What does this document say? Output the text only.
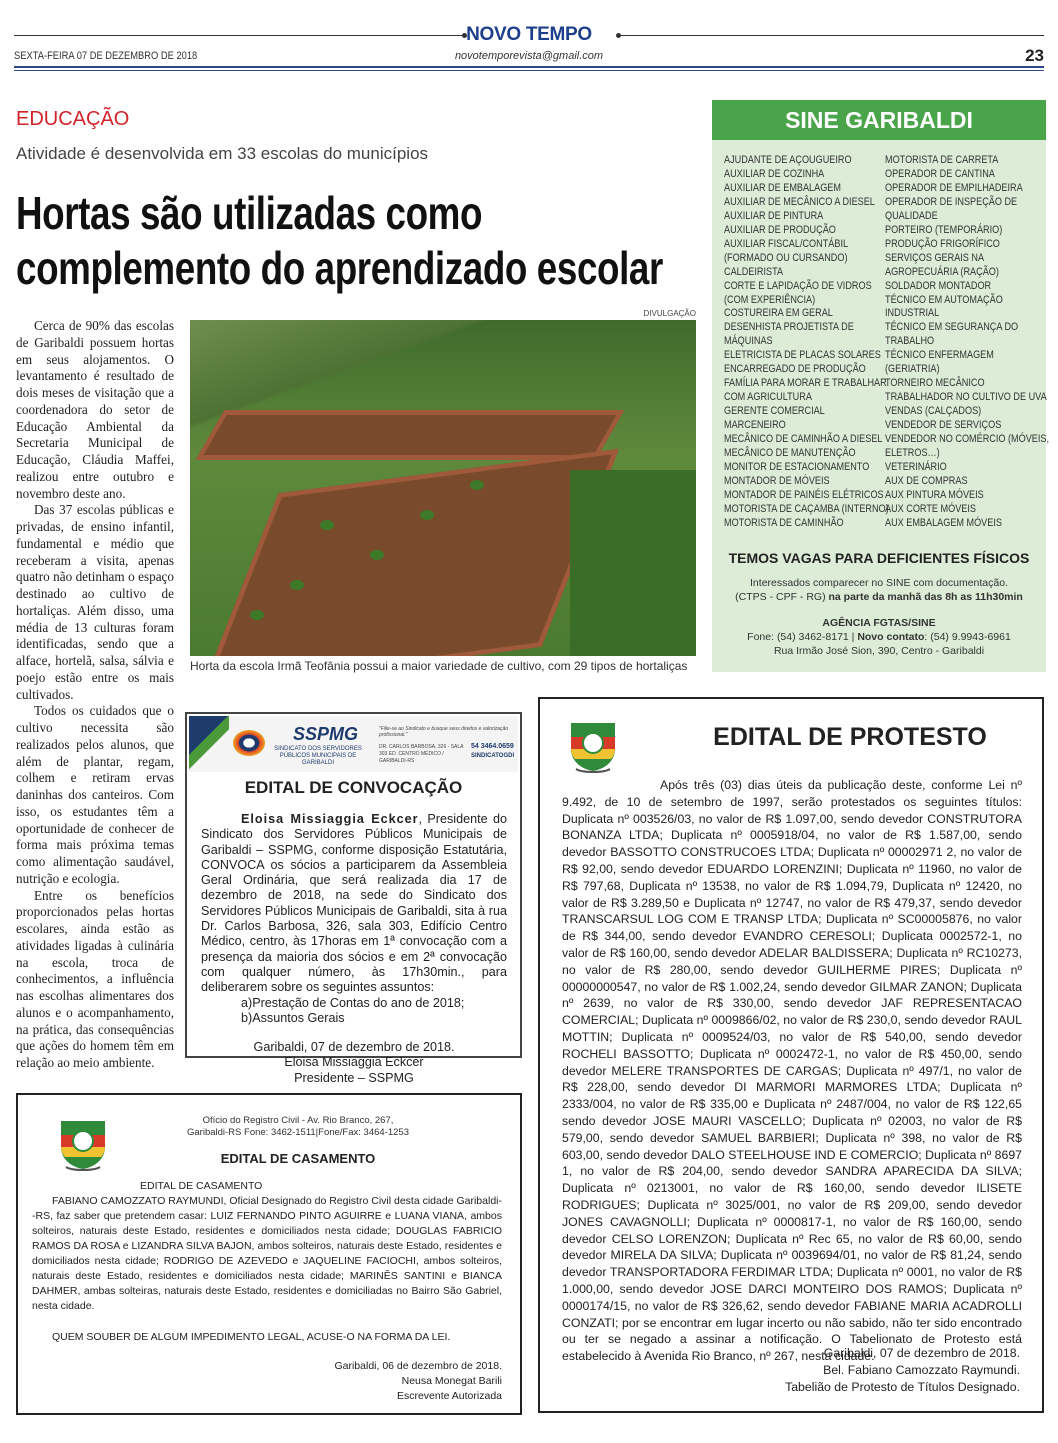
NOVO TEMPO
SEXTA-FEIRA 07 DE DEZEMBRO DE 2018	novotemporevista@gmail.com	23
EDUCAÇÃO
Atividade é desenvolvida em 33 escolas do municípios
Hortas são utilizadas como
complemento do aprendizado escolar

Cerca de 90% das escolas de Garibaldi possuem hortas em seus alojamentos. O levantamento é resultado de dois meses de visitação que a coordenadora do setor de Educação Ambiental da Secretaria Municipal de Educação, Cláudia Maffei, realizou entre outubro e novembro deste ano.

Das 37 escolas públicas e privadas, de ensino infantil, fundamental e médio que receberam a visita, apenas quatro não detinham o espaço destinado ao cultivo de hortaliças. Além disso, uma média de 13 culturas foram identificadas, sendo que a alface, hortelã, salsa, sálvia e poejo estão entre os mais cultivados.

Todos os cuidados que o cultivo necessita são realizados pelos alunos, que além de plantar, regam, colhem e retiram ervas daninhas dos canteiros. Com isso, os estudantes têm a oportunidade de conhecer de forma mais próxima temas como alimentação saudável, nutrição e ecologia.

Entre os benefícios proporcionados pelas hortas escolares, ainda estão as atividades ligadas à culinária na escola, troca de conhecimentos, a influência nas escolhas alimentares dos alunos e o acompanhamento, na prática, das consequências que ações do homem têm em relação ao meio ambiente.

DIVULGAÇÃO
Horta da escola Irmã Teofânia possui a maior variedade de cultivo, com 29 tipos de hortaliças
SINE GARIBALDI
AJUDANTE DE AÇOUGUEIRO
AUXILIAR DE COZINHA
AUXILIAR DE EMBALAGEM
AUXILIAR DE MECÂNICO A DIESEL
AUXILIAR DE PINTURA
AUXILIAR DE PRODUÇÃO
AUXILIAR FISCAL/CONTÁBIL
(FORMADO OU CURSANDO)
CALDEIRISTA
CORTE E LAPIDAÇÃO DE VIDROS
(COM EXPERIÊNCIA)
COSTUREIRA EM GERAL
DESENHISTA PROJETISTA DE
MÁQUINAS
ELETRICISTA DE PLACAS SOLARES
ENCARREGADO DE PRODUÇÃO
FAMÍLIA PARA MORAR E TRABALHAR
COM AGRICULTURA
GERENTE COMERCIAL
MARCENEIRO
MECÂNICO DE CAMINHÃO A DIESEL
MECÂNICO DE MANUTENÇÃO
MONITOR DE ESTACIONAMENTO
MONTADOR DE MÓVEIS
MONTADOR DE PAINÉIS ELÉTRICOS
MOTORISTA DE CAÇAMBA (INTERNO)
MOTORISTA DE CAMINHÃO
MOTORISTA DE CARRETA
OPERADOR DE CANTINA
OPERADOR DE EMPILHADEIRA
OPERADOR DE INSPEÇÃO DE
QUALIDADE
PORTEIRO (TEMPORÁRIO)
PRODUÇÃO FRIGORÍFICO
SERVIÇOS GERAIS NA
AGROPECUÁRIA (RAÇÃO)
SOLDADOR MONTADOR
TÉCNICO EM AUTOMAÇÃO
INDUSTRIAL
TÉCNICO EM SEGURANÇA DO
TRABALHO
TÉCNICO ENFERMAGEM
(GERIATRIA)
TORNEIRO MECÂNICO
TRABALHADOR NO CULTIVO DE UVA
VENDAS (CALÇADOS)
VENDEDOR DE SERVIÇOS
VENDEDOR NO COMÉRCIO (MÓVEIS,
ELETROS…)
VETERINÁRIO
AUX DE COMPRAS
AUX PINTURA MÓVEIS
AUX CORTE MÓVEIS
AUX EMBALAGEM MÓVEIS
TEMOS VAGAS PARA DEFICIENTES FÍSICOS
Interessados comparecer no SINE com documentação.
(CTPS - CPF - RG) na parte da manhã das 8h as 11h30min
AGÊNCIA FGTAS/SINE
Fone: (54) 3462-8171 | Novo contato: (54) 9.9943-6961
Rua Irmão José Sion, 390, Centro - Garibaldi
SSPMG
SINDICATO DOS SERVIDORES PÚBLICOS MUNICIPAIS DE GARIBALDI
"Filie-se ao Sindicato e busque seus direitos e valorização profissional."
DR. CARLOS BARBOSA, 326 - SALA 303 ED. CENTRO MÉDICO / GARIBALDI-RS
54 3464.0659
SINDICATOGDI
EDITAL DE CONVOCAÇÃO
Eloisa Missiaggia Eckcer, Presidente do Sindicato dos Servidores Públicos Municipais de Garibaldi – SSPMG, conforme disposição Estatutária, CONVOCA os sócios a participarem da Assembleia Geral Ordinária, que será realizada dia 17 de dezembro de 2018, na sede do Sindicato dos Servidores Públicos Municipais de Garibaldi, sita à rua Dr. Carlos Barbosa, 326, sala 303, Edifício Centro Médico, centro, às 17horas em 1ª convocação com a presença da maioria dos sócios e em 2ª convocação com qualquer número, às 17h30min., para deliberarem sobre os seguintes assuntos:
a)Prestação de Contas do ano de 2018;
b)Assuntos Gerais
Garibaldi, 07 de dezembro de 2018.
Eloisa Missiaggia Eckcer
Presidente – SSPMG
EDITAL DE PROTESTO
Após três (03) dias úteis da publicação deste, conforme Lei nº 9.492, de 10 de setembro de 1997, serão protestados os seguintes títulos: Duplicata nº 003526/03, no valor de R$ 1.097,00, sendo devedor CONSTRUTORA BONANZA LTDA; Duplicata nº 0005918/04, no valor de R$ 1.587,00, sendo devedor BASSOTTO CONSTRUCOES LTDA; Duplicata nº 00002971 2, no valor de R$ 92,00, sendo devedor EDUARDO LORENZINI; Duplicata nº 11960, no valor de R$ 797,68, Duplicata nº 13538, no valor de R$ 1.094,79, Duplicata nº 12420, no valor de R$ 3.289,50 e Duplicata nº 12747, no valor de R$ 479,37, sendo devedor TRANSCARSUL LOG COM E TRANSP LTDA; Duplicata nº SC00005876, no valor de R$ 344,00, sendo devedor EVANDRO CERESOLI; Duplicata 0002572-1, no valor de R$ 160,00, sendo devedor ADELAR BALDISSERA; Duplicata nº RC10273, no valor de R$ 280,00, sendo devedor GUILHERME PIRES; Duplicata nº 00000000547, no valor de R$ 1.002,24, sendo devedor GILMAR ZANON; Duplicata nº 2639, no valor de R$ 330,00, sendo devedor JAF REPRESENTACAO COMERCIAL; Duplicata nº 0009866/02, no valor de R$ 230,0, sendo devedor RAUL MOTTIN; Duplicata nº 0009524/03, no valor de R$ 540,00, sendo devedor ROCHELI BASSOTTO; Duplicata nº 0002472-1, no valor de R$ 450,00, sendo devedor MELERE TRANSPORTES DE CARGAS; Duplicata nº 497/1, no valor de R$ 228,00, sendo devedor DI MARMORI MARMORES LTDA; Duplicata nº 2333/004, no valor de R$ 335,00 e Duplicata nº 2487/004, no valor de R$ 122,65 sendo devedor JOSE MAURI VASCELLO; Duplicata nº 02003, no valor de R$ 579,00, sendo devedor SAMUEL BARBIERI; Duplicata nº 398, no valor de R$ 603,00, sendo devedor DALO STEELHOUSE IND E COMERCIO; Duplicata nº 8697 1, no valor de R$ 204,00, sendo devedor SANDRA APARECIDA DA SILVA; Duplicata nº 0213001, no valor de R$ 160,00, sendo devedor ILISETE RODRIGUES; Duplicata nº 3025/001, no valor de R$ 209,00, sendo devedor JONES CAVAGNOLLI; Duplicata nº 0000817-1, no valor de R$ 160,00, sendo devedor CELSO LORENZON; Duplicata nº Rec 65, no valor de R$ 60,00, sendo devedor MIRELA DA SILVA; Duplicata nº 0039694/01, no valor de R$ 81,24, sendo devedor TRANSPORTADORA FERDIMAR LTDA; Duplicata nº 0001, no valor de R$ 1.000,00, sendo devedor JOSE DARCI MONTEIRO DOS RAMOS; Duplicata nº 0000174/15, no valor de R$ 326,62, sendo devedor FABIANE MARIA ACADROLLI CONZATI; por se encontrar em lugar incerto ou não sabido, não ter sido encontrado ou ter se negado a assinar a notificação. O Tabelionato de Protesto está estabelecido à Avenida Rio Branco, nº 267, nesta cidade.
Garibaldi, 07 de dezembro de 2018.
Bel. Fabiano Camozzato Raymundi.
Tabelião de Protesto de Títulos Designado.
Ofício do Registro Civil - Av. Rio Branco, 267,
Garibaldi-RS Fone: 3462-1511|Fone/Fax: 3464-1253
EDITAL DE CASAMENTO
EDITAL DE CASAMENTO
FABIANO CAMOZZATO RAYMUNDI, Oficial Designado do Registro Civil desta cidade Garibaldi--RS, faz saber que pretendem casar: LUIZ FERNANDO PINTO AGUIRRE e LUANA VIANA, ambos solteiros, naturais deste Estado, residentes e domiciliados nesta cidade; DOUGLAS FABRICIO RAMOS DA ROSA e LIZANDRA SILVA BAJON, ambos solteiros, naturais deste Estado, residentes e domiciliados nesta cidade; RODRIGO DE AZEVEDO e JAQUELINE FACIOCHI, ambos solteiros, naturais deste Estado, residentes e domiciliados nesta cidade; MARINÊS SANTINI e BIANCA DAHMER, ambas solteiras, naturais deste Estado, residentes e domiciliadas no Bairro São Gabriel, nesta cidade.
QUEM SOUBER DE ALGUM IMPEDIMENTO LEGAL, ACUSE-O NA FORMA DA LEI.
Garibaldi, 06 de dezembro de 2018.
Neusa Monegat Barili
Escrevente Autorizada
